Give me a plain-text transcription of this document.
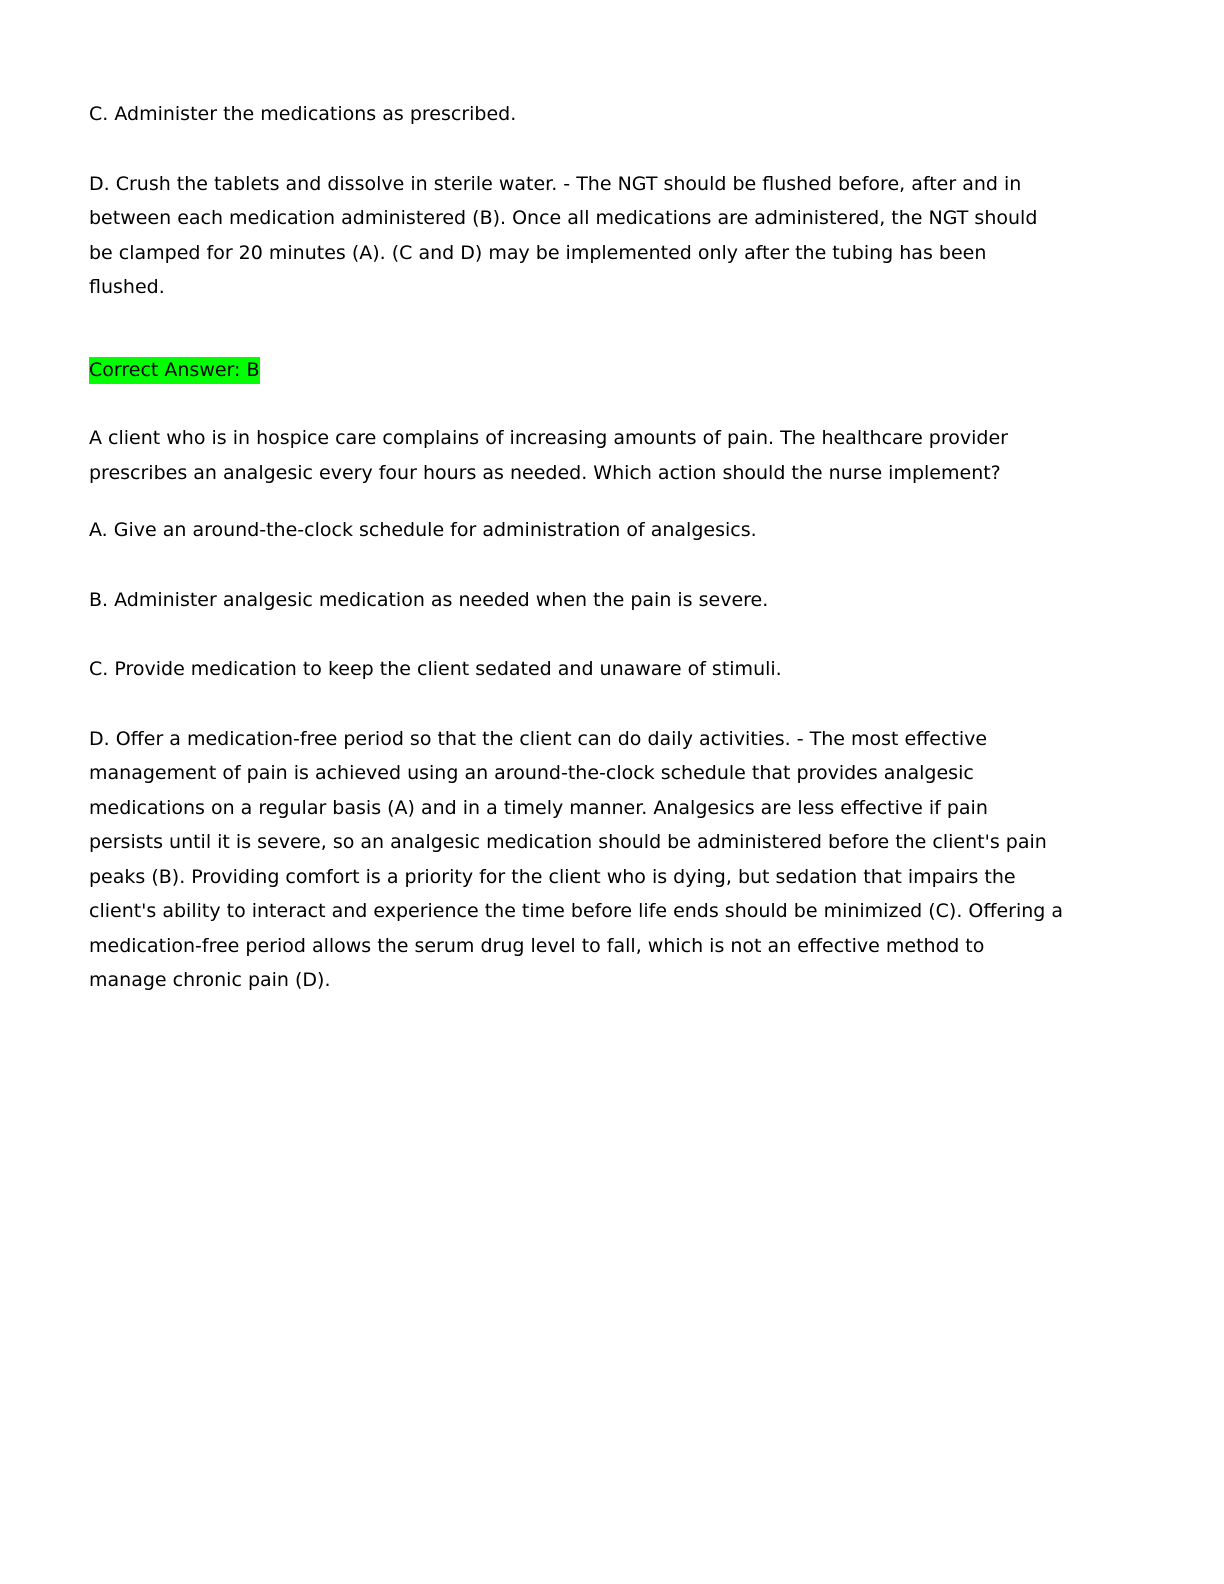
C. Administer the medications as prescribed.

D. Crush the tablets and dissolve in sterile water. - The NGT should be flushed before, after and in between each medication administered (B). Once all medications are administered, the NGT should be clamped for 20 minutes (A). (C and D) may be implemented only after the tubing has been flushed.

Correct Answer: B

A client who is in hospice care complains of increasing amounts of pain. The healthcare provider prescribes an analgesic every four hours as needed. Which action should the nurse implement?

A. Give an around-the-clock schedule for administration of analgesics.

B. Administer analgesic medication as needed when the pain is severe.

C. Provide medication to keep the client sedated and unaware of stimuli.

D. Offer a medication-free period so that the client can do daily activities. - The most effective management of pain is achieved using an around-the-clock schedule that provides analgesic medications on a regular basis (A) and in a timely manner. Analgesics are less effective if pain persists until it is severe, so an analgesic medication should be administered before the client's pain peaks (B). Providing comfort is a priority for the client who is dying, but sedation that impairs the client's ability to interact and experience the time before life ends should be minimized (C). Offering a medication-free period allows the serum drug level to fall, which is not an effective method to manage chronic pain (D).
